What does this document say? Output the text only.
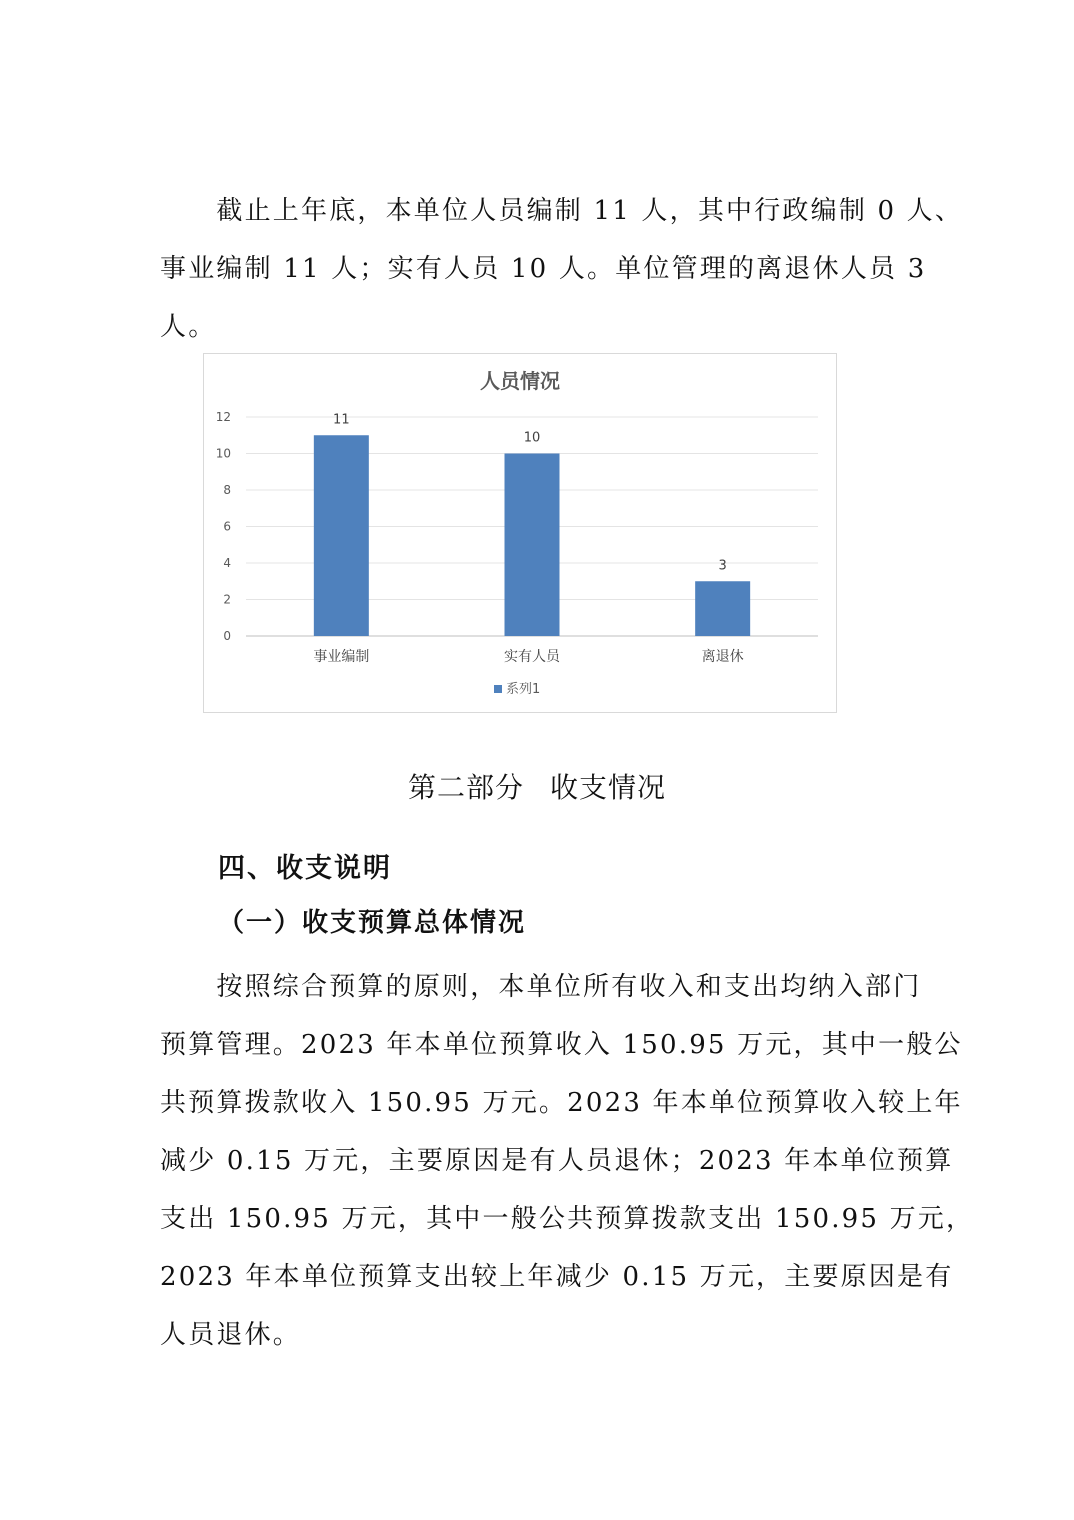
　　截止上年底，本单位人员编制 11 人，其中行政编制 0 人、
事业编制 11 人；实有人员 10 人。单位管理的离退休人员 3
人。
人员情况
0
2
4
6
8
10
12	11
事业编制
10
实有人员
3
离退休
系列1
第二部分 收支情况
四、收支说明
（一）收支预算总体情况
　　按照综合预算的原则，本单位所有收入和支出均纳入部门
预算管理。2023 年本单位预算收入 150.95 万元，其中一般公
共预算拨款收入 150.95 万元。2023 年本单位预算收入较上年
减少 0.15 万元，主要原因是有人员退休；2023 年本单位预算
支出 150.95 万元，其中一般公共预算拨款支出 150.95 万元，
2023 年本单位预算支出较上年减少 0.15 万元，主要原因是有
人员退休。
